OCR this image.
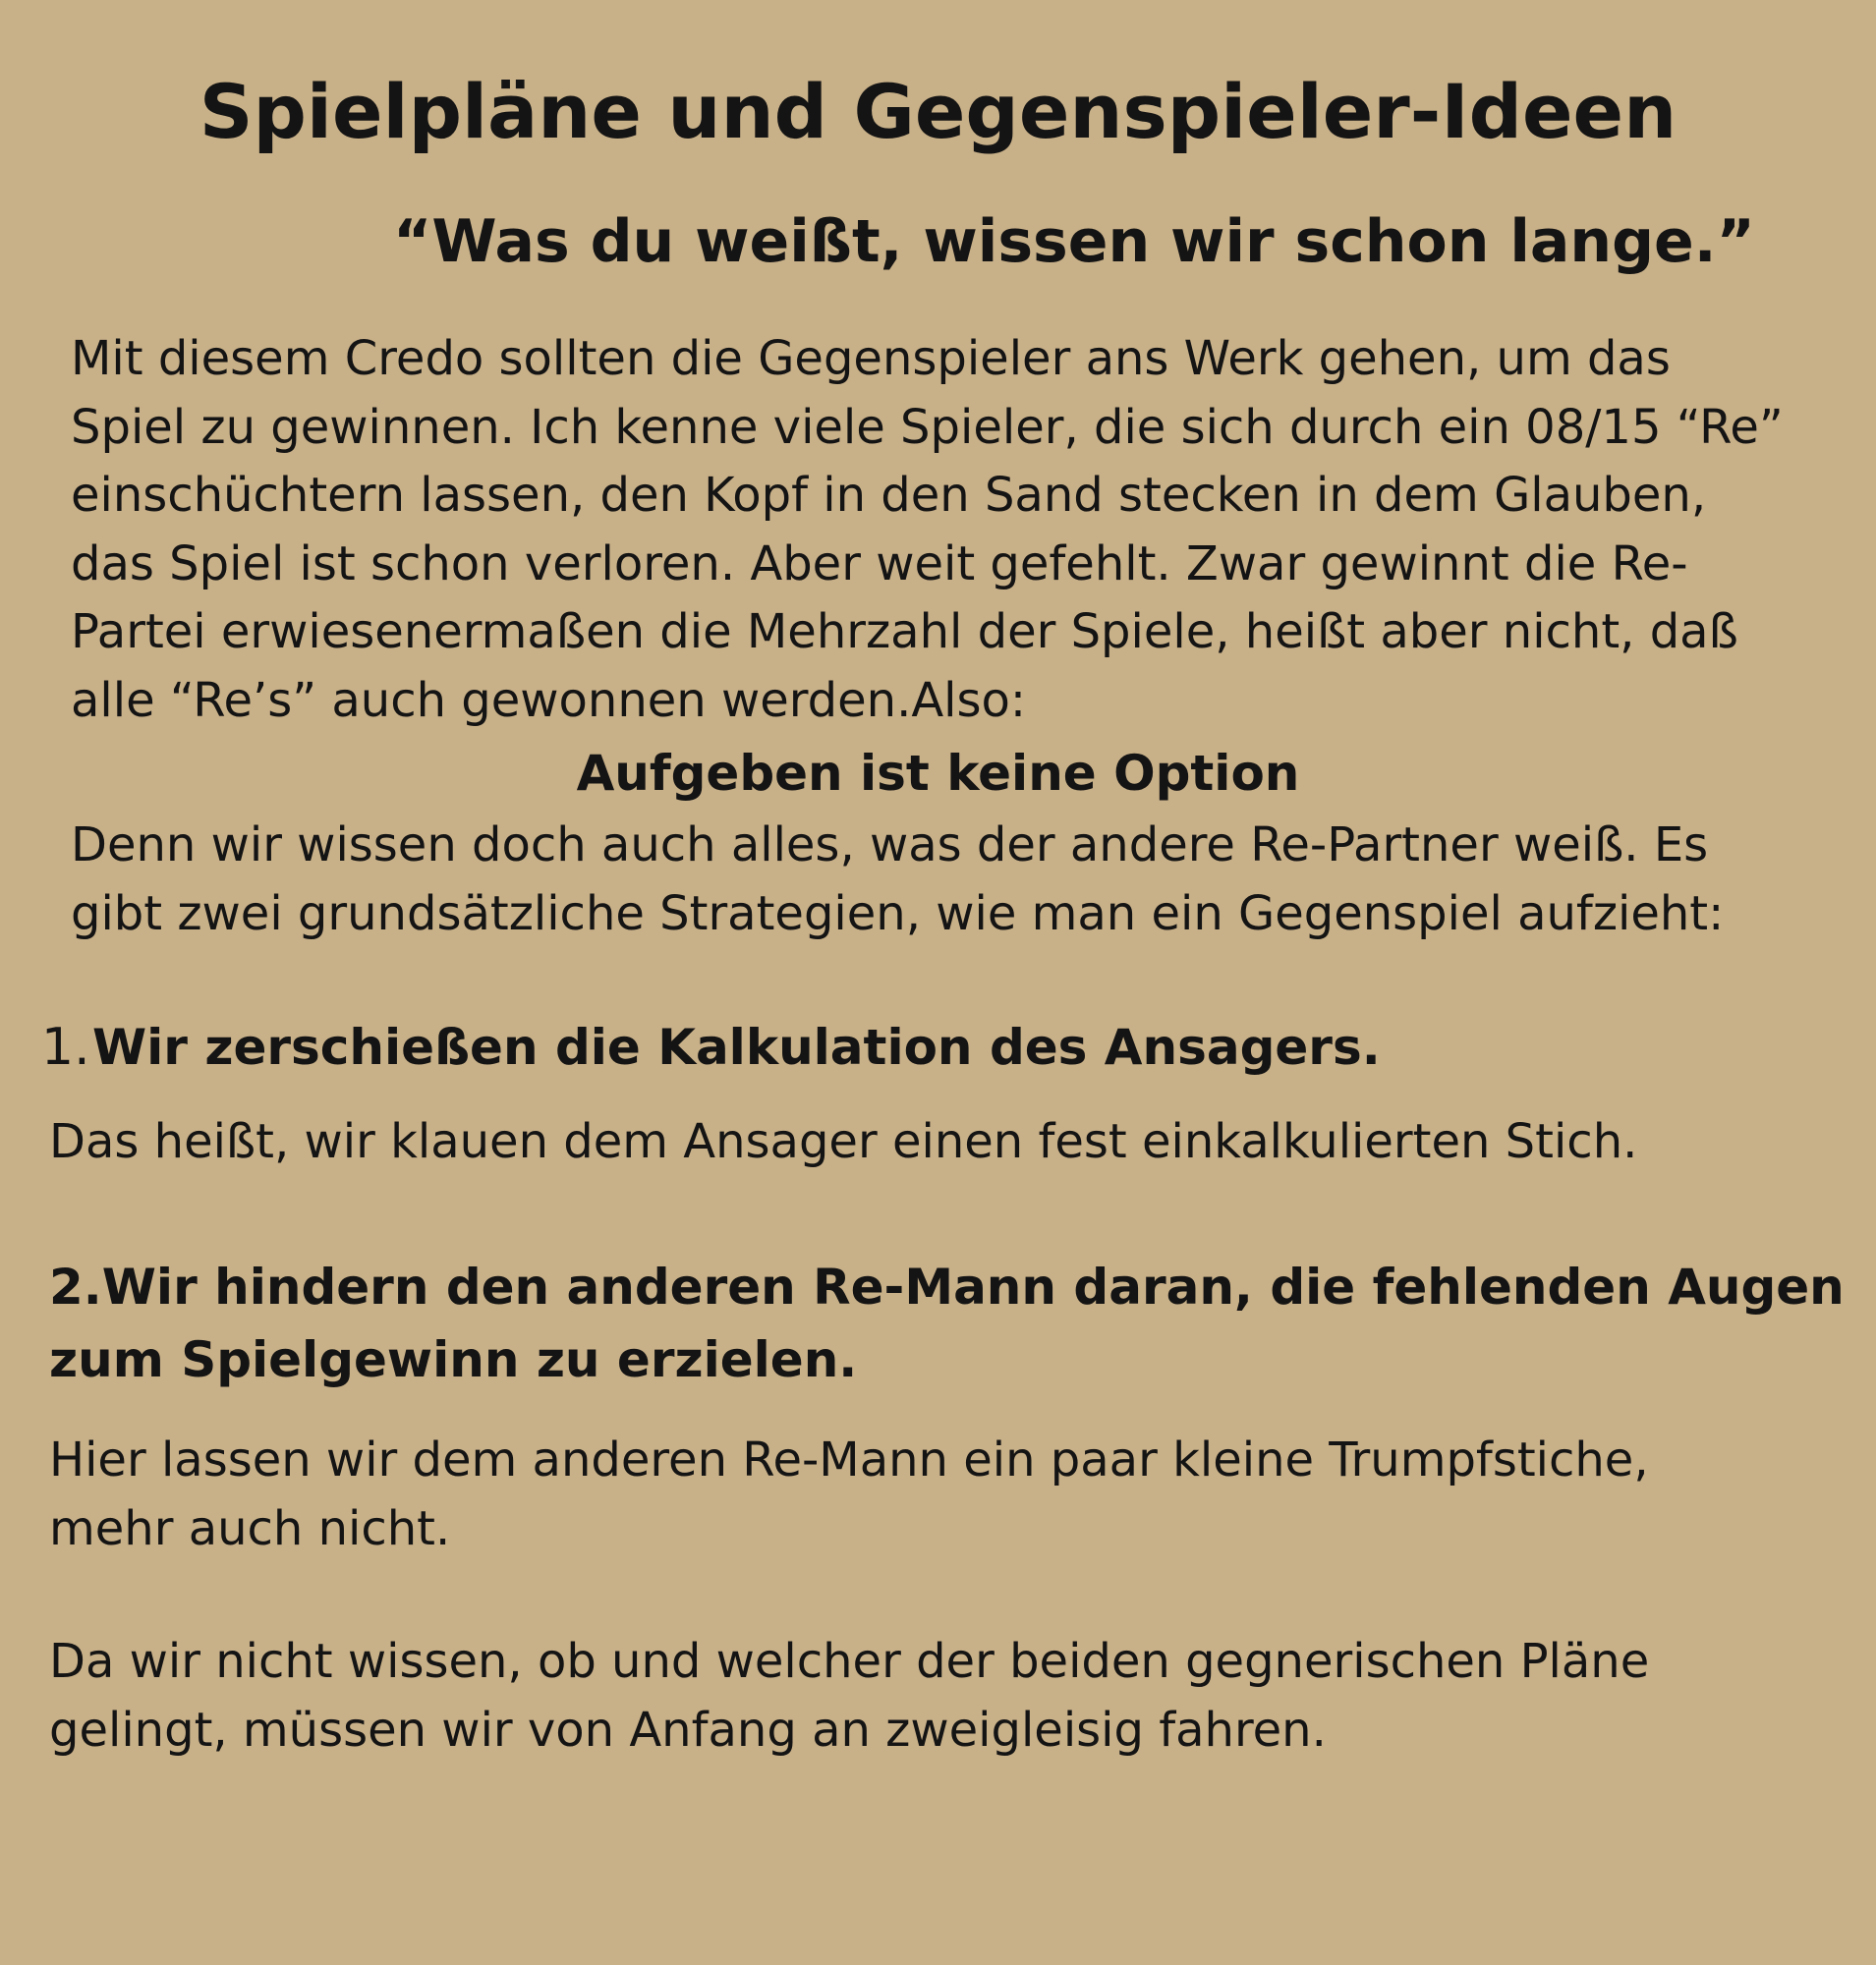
Spielpläne und Gegenspieler-Ideen
“Was du weißt, wissen wir schon lange.”
Mit diesem Credo sollten die Gegenspieler ans Werk gehen, um das
Spiel zu gewinnen. Ich kenne viele Spieler, die sich durch ein 08/15 “Re”
einschüchtern lassen, den Kopf in den Sand stecken in dem Glauben,
das Spiel ist schon verloren. Aber weit gefehlt. Zwar gewinnt die Re-
Partei erwiesenermaßen die Mehrzahl der Spiele, heißt aber nicht, daß
alle “Re’s” auch gewonnen werden.Also:
Aufgeben ist keine Option
Denn wir wissen doch auch alles, was der andere Re-Partner weiß. Es
gibt zwei grundsätzliche Strategien, wie man ein Gegenspiel aufzieht:
1. Wir zerschießen die Kalkulation des Ansagers.
Das heißt, wir klauen dem Ansager einen fest einkalkulierten Stich.
2.Wir hindern den anderen Re-Mann daran, die fehlenden Augen
zum Spielgewinn zu erzielen.
Hier lassen wir dem anderen Re-Mann ein paar kleine Trumpfstiche,
mehr auch nicht.
Da wir nicht wissen, ob und welcher der beiden gegnerischen Pläne
gelingt, müssen wir von Anfang an zweigleisig fahren.
